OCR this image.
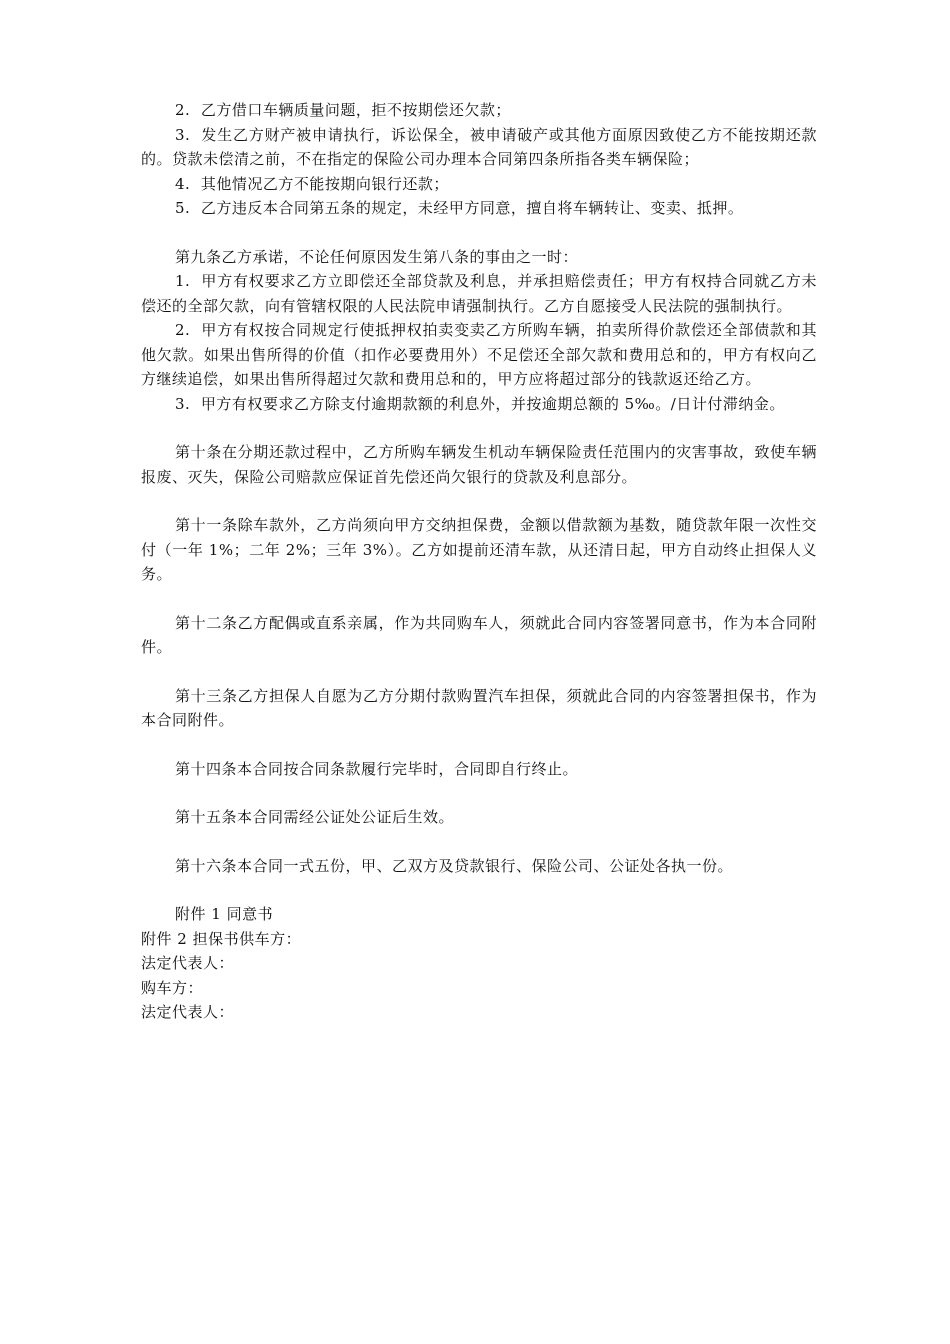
2.  乙方借口车辆质量问题，拒不按期偿还欠款；

3.  发生乙方财产被申请执行，诉讼保全，被申请破产或其他方面原因致使乙方不能按期还款的。贷款未偿清之前，不在指定的保险公司办理本合同第四条所指各类车辆保险；

4.  其他情况乙方不能按期向银行还款；

5.  乙方违反本合同第五条的规定，未经甲方同意，擅自将车辆转让、变卖、抵押。

第九条乙方承诺，不论任何原因发生第八条的事由之一时：

1.  甲方有权要求乙方立即偿还全部贷款及利息，并承担赔偿责任；甲方有权持合同就乙方未偿还的全部欠款，向有管辖权限的人民法院申请强制执行。乙方自愿接受人民法院的强制执行。

2.  甲方有权按合同规定行使抵押权拍卖变卖乙方所购车辆，拍卖所得价款偿还全部债款和其他欠款。如果出售所得的价值（扣作必要费用外）不足偿还全部欠款和费用总和的，甲方有权向乙方继续追偿，如果出售所得超过欠款和费用总和的，甲方应将超过部分的钱款返还给乙方。

3.  甲方有权要求乙方除支付逾期款额的利息外，并按逾期总额的 5‰。/日计付滞纳金。

第十条在分期还款过程中，乙方所购车辆发生机动车辆保险责任范围内的灾害事故，致使车辆报废、灭失，保险公司赔款应保证首先偿还尚欠银行的贷款及利息部分。

第十一条除车款外，乙方尚须向甲方交纳担保费，金额以借款额为基数，随贷款年限一次性交付（一年 1%；二年 2%；三年 3%）。乙方如提前还清车款，从还清日起，甲方自动终止担保人义务。

第十二条乙方配偶或直系亲属，作为共同购车人，须就此合同内容签署同意书，作为本合同附件。

第十三条乙方担保人自愿为乙方分期付款购置汽车担保，须就此合同的内容签署担保书，作为本合同附件。

第十四条本合同按合同条款履行完毕时，合同即自行终止。

第十五条本合同需经公证处公证后生效。

第十六条本合同一式五份，甲、乙双方及贷款银行、保险公司、公证处各执一份。

附件 1 同意书

附件 2 担保书供车方：

法定代表人：

购车方：

法定代表人：
